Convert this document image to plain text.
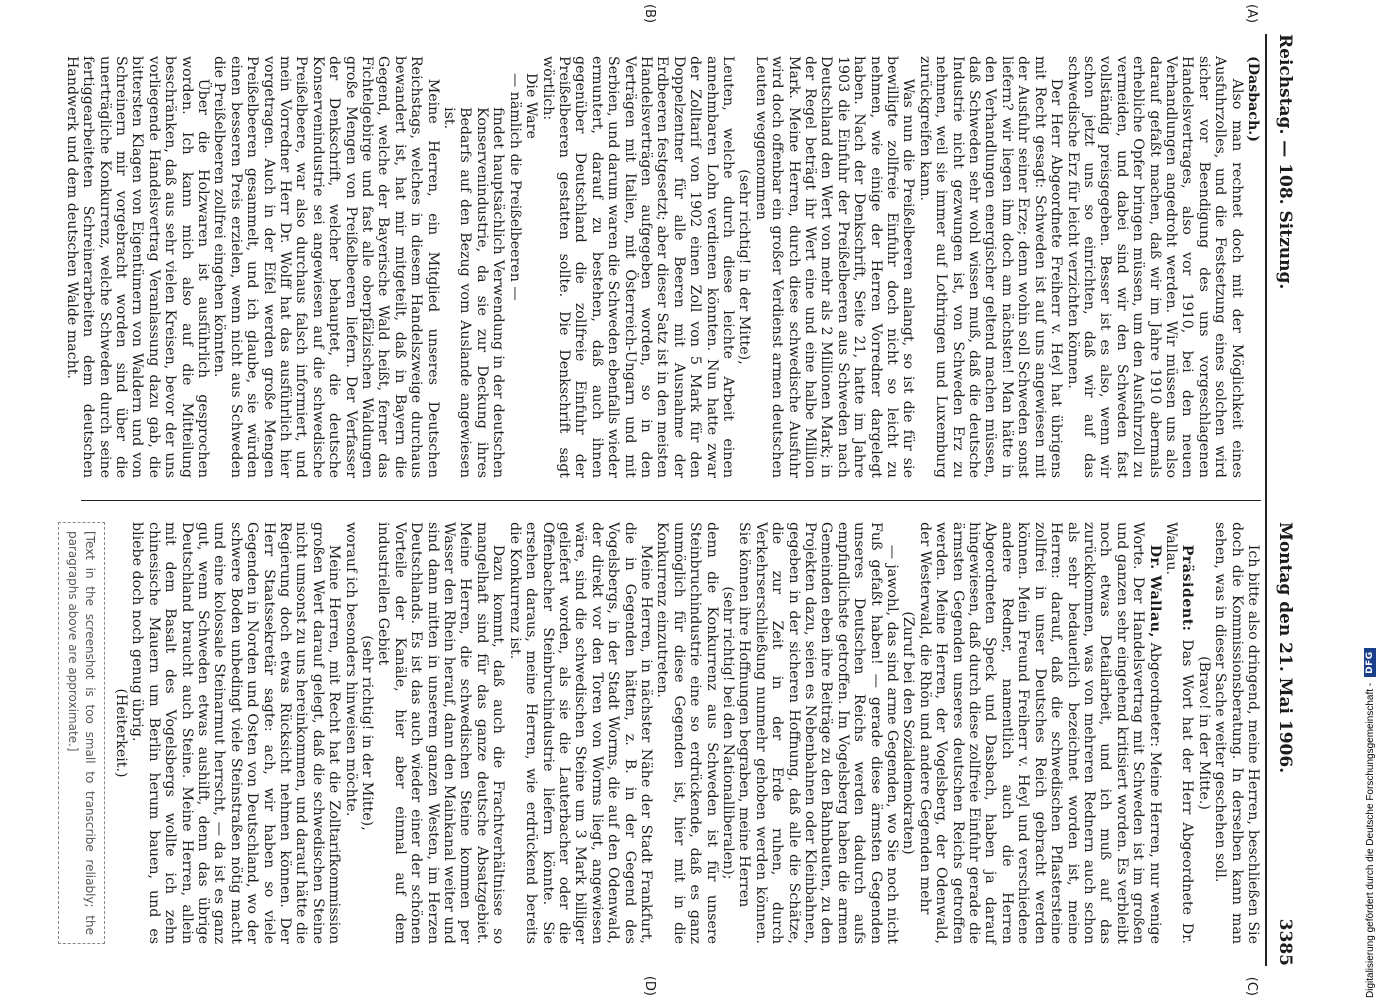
Reichstag. — 108. Sitzung.
Montag den 21. Mai 1906.
3385
(A)
(B)

(Dasbach.)

Also man rechnet doch mit der Möglichkeit eines Ausfuhrzolles, und die Festsetzung eines solchen wird sicher vor Beendigung des uns vorgeschlagenen Handelsvertrages, also vor 1910, bei den neuen Verhandlungen angedroht werden. Wir müssen uns also darauf gefaßt machen, daß wir im Jahre 1910 abermals erhebliche Opfer bringen müssen, um den Ausfuhrzoll zu vermeiden, und dabei sind wir den Schweden fast vollständig preisgegeben. Besser ist es also, wenn wir schon jetzt uns so einrichten, daß wir auf das schwedische Erz für leicht verzichten können.

Der Herr Abgeordnete Freiherr v. Heyl hat übrigens mit Recht gesagt: Schweden ist auf uns angewiesen mit der Ausfuhr seiner Erze; denn wohin soll Schweden sonst liefern? wir liegen ihm doch am nächsten! Man hätte in den Verhandlungen energischer geltend machen müssen, daß Schweden sehr wohl wissen muß, daß die deutsche Industrie nicht gezwungen ist, von Schweden Erz zu nehmen, weil sie immer auf Lothringen und Luxemburg zurückgreifen kann.

Was nun die Preißelbeeren anlangt, so ist die für sie bewilligte zollfreie Einfuhr doch nicht so leicht zu nehmen, wie einige der Herren Vorredner dargelegt haben. Nach der Denkschrift, Seite 21, hatte im Jahre 1903 die Einfuhr der Preißelbeeren aus Schweden nach Deutschland den Wert von mehr als 2 Millionen Mark; in der Regel beträgt ihr Wert eine und eine halbe Million Mark. Meine Herren, durch diese schwedische Ausfuhr wird doch offenbar ein großer Verdienst armen deutschen Leuten weggenommen

(sehr richtig! in der Mitte),

Leuten, welche durch diese leichte Arbeit einen annehmbaren Lohn verdienen könnten. Nun hatte zwar der Zolltarif von 1902 einen Zoll von 5 Mark für den Doppelzentner für alle Beeren mit Ausnahme der Erdbeeren festgesetzt; aber dieser Satz ist in den meisten Handelsverträgen aufgegeben worden, so in den Verträgen mit Italien, mit Österreich-Ungarn und mit Serbien, und darum waren die Schweden ebenfalls wieder ermuntert, darauf zu bestehen, daß auch ihnen gegenüber Deutschland die zollfreie Einfuhr der Preißelbeeren gestatten sollte. Die Denkschrift sagt wörtlich:

Die Ware

— nämlich die Preißelbeeren —

findet hauptsächlich Verwendung in der deutschen Konservenindustrie, da sie zur Deckung ihres Bedarfs auf den Bezug vom Auslande angewiesen ist.

Meine Herren, ein Mitglied unseres Deutschen Reichstags, welches in diesem Handelszweige durchaus bewandert ist, hat mir mitgeteilt, daß in Bayern die Gegend, welche der Bayerische Wald heißt, ferner das Fichtelgebirge und fast alle oberpfälzischen Waldungen große Mengen von Preißelbeeren liefern. Der Verfasser der Denkschrift, welcher behauptet, die deutsche Konservenindustrie sei angewiesen auf die schwedische Preißelbeere, war also durchaus falsch informiert, und mein Vorredner Herr Dr. Wolff hat das ausführlich hier vorgetragen. Auch in der Eifel werden große Mengen Preißelbeeren gesammelt, und ich glaube, sie würden einen besseren Preis erzielen, wenn nicht aus Schweden die Preißelbeeren zollfrei eingehen könnten.

Über die Holzwaren ist ausführlich gesprochen worden. Ich kann mich also auf die Mitteilung beschränken, daß aus sehr vielen Kreisen, bevor der uns vorliegende Handelsvertrag Veranlassung dazu gab, die bittersten Klagen von Eigentümern von Waldern und von Schreinern mir vorgebracht worden sind über die unerträgliche Konkurrenz, welche Schweden durch seine fertiggearbeiteten Schreinerarbeiten dem deutschen Handwerk und dem deutschen Walde macht.

(C)
(D)

Ich bitte also dringend, meine Herren, beschließen Sie doch die Kommissionsberatung. In derselben kann man sehen, was in dieser Sache weiter geschehen soll.

(Bravo! in der Mitte.)

Präsident: Das Wort hat der Herr Abgeordnete Dr. Wallau.

Dr. Wallau, Abgeordneter: Meine Herren, nur wenige Worte. Der Handelsvertrag mit Schweden ist im großen und ganzen sehr eingehend kritisiert worden. Es verbleibt noch etwas Detailarbeit, und ich muß auf das zurückkommen, was von mehreren Rednern auch schon als sehr bedauerlich bezeichnet worden ist, meine Herren: darauf, daß die schwedischen Pflastersteine zollfrei in unser Deutsches Reich gebracht werden können. Mein Freund Freiherr v. Heyl und verschiedene andere Redner, namentlich auch die Herren Abgeordneten Speck und Dasbach, haben ja darauf hingewiesen, daß durch diese zollfreie Einfuhr gerade die ärmsten Gegenden unseres deutschen Reichs getroffen werden. Meine Herren, der Vogelsberg, der Odenwald, der Westerwald, die Rhön und andere Gegenden mehr

(Zuruf bei den Sozialdemokraten)

— jawohl, das sind arme Gegenden, wo Sie noch nicht Fuß gefaßt haben! — gerade diese ärmsten Gegenden unseres Deutschen Reichs werden dadurch aufs empfindlichste getroffen. Im Vogelsberg haben die armen Gemeinden eben ihre Beiträge zu den Bahnbauten, zu den Projekten dazu, seien es Nebenbahnen oder Kleinbahnen, gegeben in der sicheren Hoffnung, daß alle die Schätze, die zur Zeit in der Erde ruhen, durch Verkehrserschließung nunmehr gehoben werden können. Sie können ihre Hoffnungen begraben, meine Herren

(sehr richtig! bei den Nationalliberalen);

denn die Konkurrenz aus Schweden ist für unsere Steinbruchindustrie eine so erdrückende, daß es ganz unmöglich für diese Gegenden ist, hier mit in die Konkurrenz einzutreten.

Meine Herren, in nächster Nähe der Stadt Frankfurt, die in Gegenden hätten, z. B. in der Gegend des Vogelsbergs, in der Stadt Worms, die auf den Odenwald, der direkt vor den Toren von Worms liegt, angewiesen wäre, sind die schwedischen Steine um 3 Mark billiger geliefert worden, als sie die Lauterbacher oder die Offenbacher Steinbruchindustrie liefern könnte. Sie ersehen daraus, meine Herren, wie erdrückend bereits die Konkurrenz ist.

Dazu kommt, daß auch die Frachtverhältnisse so mangelhaft sind für das ganze deutsche Absatzgebiet. Meine Herren, die schwedischen Steine kommen per Wasser den Rhein herauf, dann den Mainkanal weiter und sind dann mitten in unserem ganzen Westen, im Herzen Deutschlands. Es ist das auch wieder einer der schönen Vorteile der Kanäle, hier aber einmal auf dem industriellen Gebiet

(sehr richtig! in der Mitte),

worauf ich besonders hinweisen möchte.

Meine Herren, mit Recht hat die Zolltarifkommission großen Wert darauf gelegt, daß die schwedischen Steine nicht umsonst zu uns hereinkommen, und darauf hätte die Regierung doch etwas Rücksicht nehmen können. Der Herr Staatssekretär sagte: ach, wir haben so viele Gegenden in Norden und Osten von Deutschland, wo der schwere Boden unbedingt viele Steinstraßen nötig macht und eine kolossale Steinarmut herrscht, — da ist es ganz gut, wenn Schweden etwas aushilft, denn das übrige Deutschland braucht auch Steine. Meine Herren, allein mit dem Basalt des Vogelsbergs wollte ich zehn chinesische Mauern um Berlin herum bauen, und es bliebe doch noch genug übrig.

(Heiterkeit.)

[Text in the screenshot is too small to transcribe reliably; the paragraphs above are approximate.]
Digitalisierung gefördert durch die Deutsche Forschungsgemeinschaft -
DFG
